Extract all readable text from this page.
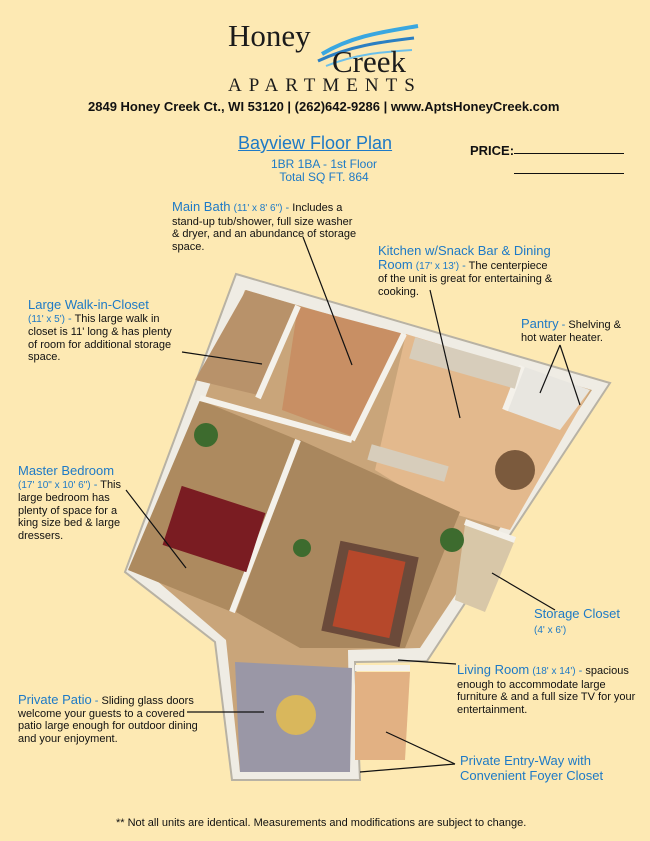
Honey
Creek
APARTMENTS
2849 Honey Creek Ct., WI 53120 | (262)642-9286 | www.AptsHoneyCreek.com
Bayview Floor Plan
1BR 1BA - 1st Floor
Total SQ FT. 864
PRICE:
Main Bath (11' x 8' 6") - Includes a stand-up tub/shower, full size washer & dryer, and an abundance of storage space.	Kitchen w/Snack Bar & Dining Room (17' x 13') - The centerpiece of the unit is great for entertaining & cooking.
Large Walk-in-Closet
(11' x 5') - This large walk in closet is 11' long & has plenty of room for additional storage space.
Pantry - Shelving & hot water heater.
Master Bedroom
(17' 10" x 10' 6") - This large bedroom has plenty of space for a king size bed & large dressers.
Storage Closet (4' x 6')
Living Room (18' x 14') - spacious enough to accommodate large furniture & and a full size TV for your entertainment.
Private Patio - Sliding glass doors welcome your guests to a covered patio large enough for outdoor dining and your enjoyment.
Private Entry-Way with Convenient Foyer Closet
** Not all units are identical. Measurements and modifications are subject to change.
